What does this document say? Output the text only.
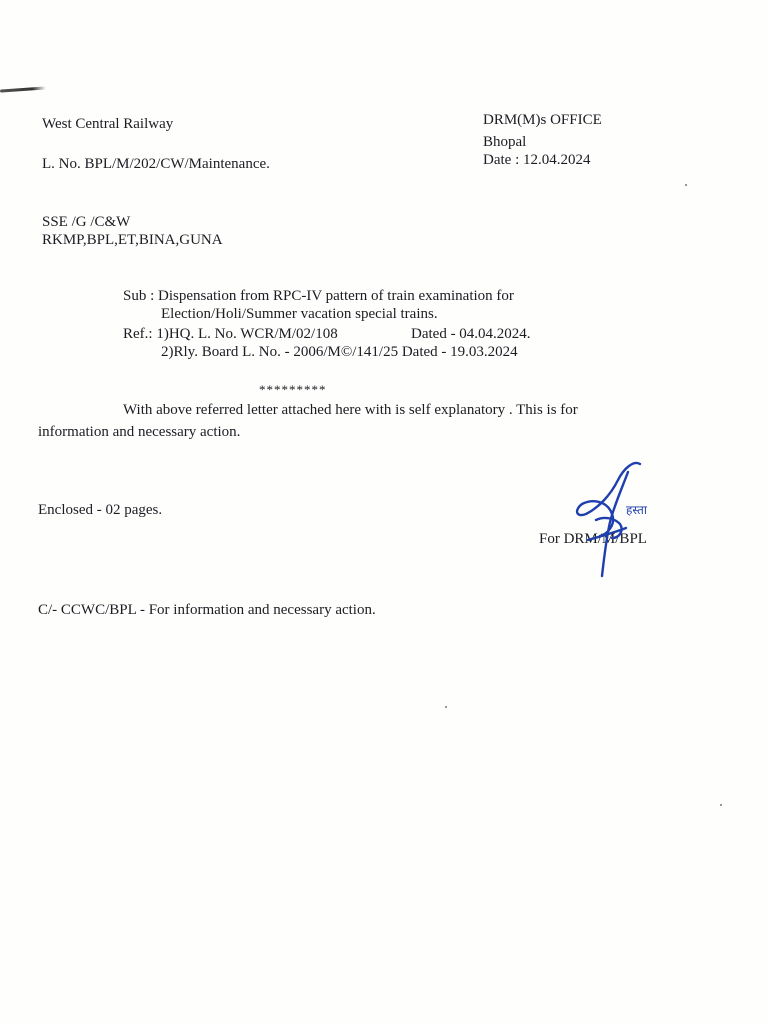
West Central Railway
L. No. BPL/M/202/CW/Maintenance.
DRM(M)s OFFICE
Bhopal
Date : 12.04.2024
SSE /G /C&W
RKMP,BPL,ET,BINA,GUNA
Sub : Dispensation from RPC-IV pattern of train examination for
Election/Holi/Summer vacation special trains.
Ref.: 1)HQ. L. No. WCR/M/02/108	Dated - 04.04.2024.
2)Rly. Board L. No. - 2006/M©/141/25 Dated - 19.03.2024
*********
With above referred letter attached here with is self explanatory . This is for
information and necessary action.
Enclosed - 02 pages.
For DRM/M/BPL
हस्ता
C/- CCWC/BPL - For information and necessary action.
